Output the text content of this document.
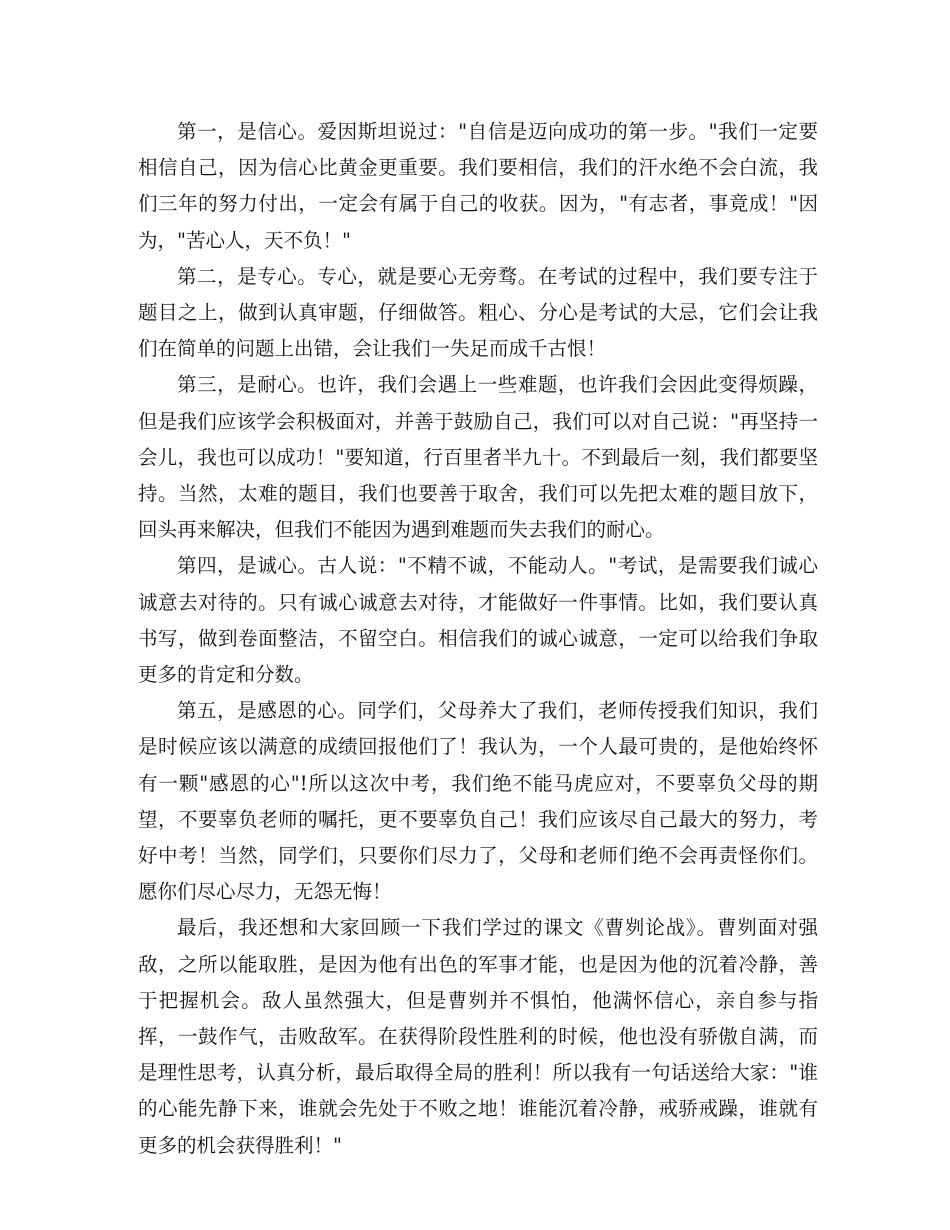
第一，是信心。爱因斯坦说过："自信是迈向成功的第一步。"我们一定要相信自己，因为信心比黄金更重要。我们要相信，我们的汗水绝不会白流，我们三年的努力付出，一定会有属于自己的收获。因为，"有志者，事竟成！"因为，"苦心人，天不负！"

第二，是专心。专心，就是要心无旁骛。在考试的过程中，我们要专注于题目之上，做到认真审题，仔细做答。粗心、分心是考试的大忌，它们会让我们在简单的问题上出错，会让我们一失足而成千古恨！

第三，是耐心。也许，我们会遇上一些难题，也许我们会因此变得烦躁，但是我们应该学会积极面对，并善于鼓励自己，我们可以对自己说："再坚持一会儿，我也可以成功！"要知道，行百里者半九十。不到最后一刻，我们都要坚持。当然，太难的题目，我们也要善于取舍，我们可以先把太难的题目放下，回头再来解决，但我们不能因为遇到难题而失去我们的耐心。

第四，是诚心。古人说："不精不诚，不能动人。"考试，是需要我们诚心诚意去对待的。只有诚心诚意去对待，才能做好一件事情。比如，我们要认真书写，做到卷面整洁，不留空白。相信我们的诚心诚意，一定可以给我们争取更多的肯定和分数。

第五，是感恩的心。同学们，父母养大了我们，老师传授我们知识，我们是时候应该以满意的成绩回报他们了！我认为，一个人最可贵的，是他始终怀有一颗"感恩的心"!所以这次中考，我们绝不能马虎应对，不要辜负父母的期望，不要辜负老师的嘱托，更不要辜负自己！我们应该尽自己最大的努力，考好中考！当然，同学们，只要你们尽力了，父母和老师们绝不会再责怪你们。愿你们尽心尽力，无怨无悔！

最后，我还想和大家回顾一下我们学过的课文《曹刿论战》。曹刿面对强敌，之所以能取胜，是因为他有出色的军事才能，也是因为他的沉着冷静，善于把握机会。敌人虽然强大，但是曹刿并不惧怕，他满怀信心，亲自参与指挥，一鼓作气，击败敌军。在获得阶段性胜利的时候，他也没有骄傲自满，而是理性思考，认真分析，最后取得全局的胜利！所以我有一句话送给大家："谁的心能先静下来，谁就会先处于不败之地！谁能沉着冷静，戒骄戒躁，谁就有更多的机会获得胜利！"
